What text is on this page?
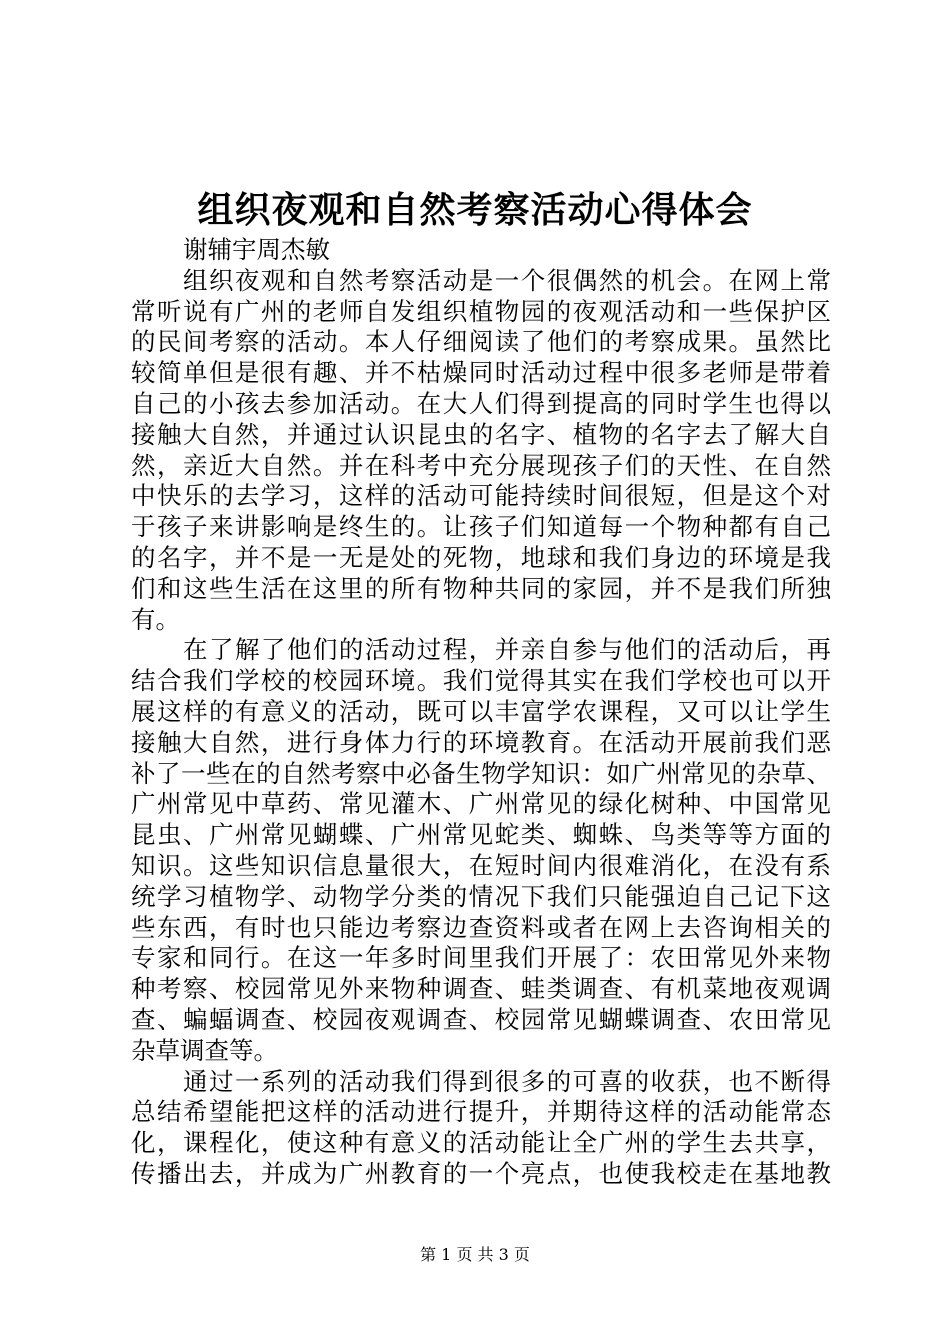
组织夜观和自然考察活动心得体会
谢辅宇周杰敏
组织夜观和自然考察活动是一个很偶然的机会。在网上常
常听说有广州的老师自发组织植物园的夜观活动和一些保护区
的民间考察的活动。本人仔细阅读了他们的考察成果。虽然比
较简单但是很有趣、并不枯燥同时活动过程中很多老师是带着
自己的小孩去参加活动。在大人们得到提高的同时学生也得以
接触大自然，并通过认识昆虫的名字、植物的名字去了解大自
然，亲近大自然。并在科考中充分展现孩子们的天性、在自然
中快乐的去学习，这样的活动可能持续时间很短，但是这个对
于孩子来讲影响是终生的。让孩子们知道每一个物种都有自己
的名字，并不是一无是处的死物，地球和我们身边的环境是我
们和这些生活在这里的所有物种共同的家园，并不是我们所独
有。
在了解了他们的活动过程，并亲自参与他们的活动后，再
结合我们学校的校园环境。我们觉得其实在我们学校也可以开
展这样的有意义的活动，既可以丰富学农课程，又可以让学生
接触大自然，进行身体力行的环境教育。在活动开展前我们恶
补了一些在的自然考察中必备生物学知识：如广州常见的杂草、
广州常见中草药、常见灌木、广州常见的绿化树种、中国常见
昆虫、广州常见蝴蝶、广州常见蛇类、蜘蛛、鸟类等等方面的
知识。这些知识信息量很大，在短时间内很难消化，在没有系
统学习植物学、动物学分类的情况下我们只能强迫自己记下这
些东西，有时也只能边考察边查资料或者在网上去咨询相关的
专家和同行。在这一年多时间里我们开展了：农田常见外来物
种考察、校园常见外来物种调查、蛙类调查、有机菜地夜观调
查、蝙蝠调查、校园夜观调查、校园常见蝴蝶调查、农田常见
杂草调查等。
通过一系列的活动我们得到很多的可喜的收获，也不断得
总结希望能把这样的活动进行提升，并期待这样的活动能常态
化，课程化，使这种有意义的活动能让全广州的学生去共享，
传播出去，并成为广州教育的一个亮点，也使我校走在基地教
第 1 页 共 3 页
